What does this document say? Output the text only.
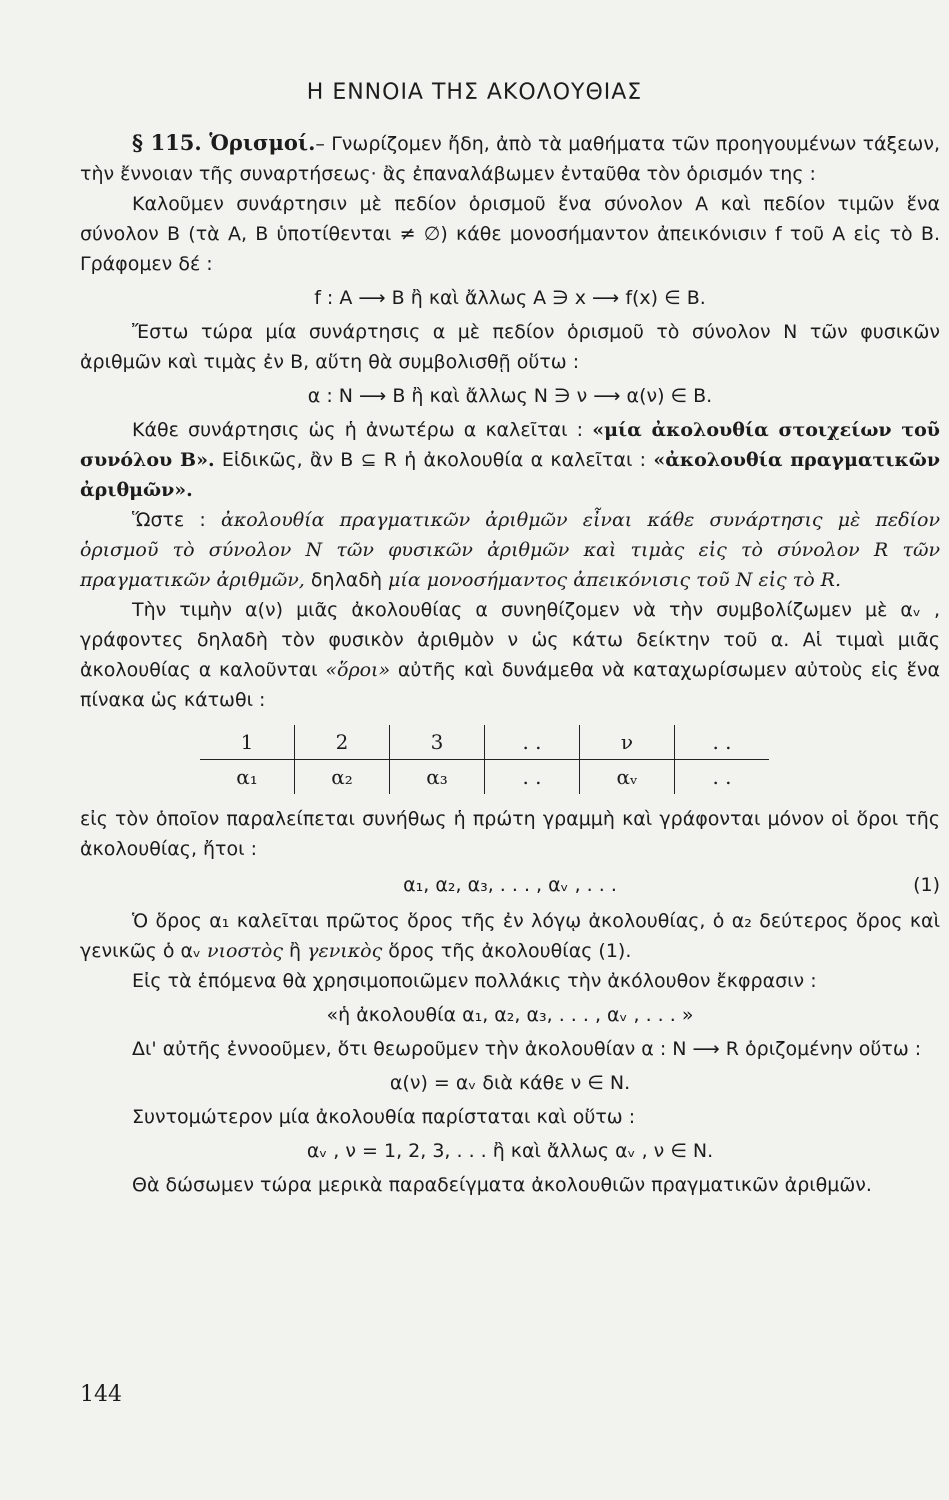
Η ΕΝΝΟΙΑ ΤΗΣ ΑΚΟΛΟΥΘΙΑΣ

§ 115. Ὁρισμοί.– Γνωρίζομεν ἤδη, ἀπὸ τὰ μαθήματα τῶν προηγουμένων τάξεων, τὴν ἔννοιαν τῆς συναρτήσεως· ἂς ἐπαναλάβωμεν ἐνταῦθα τὸν ὁρισμόν της :

Καλοῦμεν συνάρτησιν μὲ πεδίον ὁρισμοῦ ἕνα σύνολον Α καὶ πεδίον τιμῶν ἕνα σύνολον Β (τὰ Α, Β ὑποτίθενται ≠ ∅) κάθε μονοσήμαντον ἀπεικόνισιν f τοῦ Α εἰς τὸ Β. Γράφομεν δέ :

f : A ⟶ B ἢ καὶ ἄλλως A ∋ x ⟶ f(x) ∈ B.

Ἔστω τώρα μία συνάρτησις α μὲ πεδίον ὁρισμοῦ τὸ σύνολον N τῶν φυσικῶν ἀριθμῶν καὶ τιμὰς ἐν Β, αὕτη θὰ συμβολισθῇ οὕτω :

α : N ⟶ B ἢ καὶ ἄλλως N ∋ ν ⟶ α(ν) ∈ B.

Κάθε συνάρτησις ὡς ἡ ἀνωτέρω α καλεῖται : «μία ἀκολουθία στοιχείων τοῦ συνόλου B». Εἰδικῶς, ἂν B ⊆ R ἡ ἀκολουθία α καλεῖται : «ἀκολουθία πραγματικῶν ἀριθμῶν».

Ὥστε : ἀκολουθία πραγματικῶν ἀριθμῶν εἶναι κάθε συνάρτησις μὲ πεδίον ὁρισμοῦ τὸ σύνολον N τῶν φυσικῶν ἀριθμῶν καὶ τιμὰς εἰς τὸ σύνολον R τῶν πραγματικῶν ἀριθμῶν, δηλαδὴ μία μονοσήμαντος ἀπεικόνισις τοῦ N εἰς τὸ R.

Τὴν τιμὴν α(ν) μιᾶς ἀκολουθίας α συνηθίζομεν νὰ τὴν συμβολίζωμεν μὲ αᵥ , γράφοντες δηλαδὴ τὸν φυσικὸν ἀριθμὸν ν ὡς κάτω δείκτην τοῦ α. Αἱ τιμαὶ μιᾶς ἀκολουθίας α καλοῦνται «ὅροι» αὐτῆς καὶ δυνάμεθα νὰ καταχωρίσωμεν αὐτοὺς εἰς ἕνα πίνακα ὡς κάτωθι :

1	2	3	. .	ν	. .
α₁	α₂	α₃	. .	αᵥ	. .

εἰς τὸν ὁποῖον παραλείπεται συνήθως ἡ πρώτη γραμμὴ καὶ γράφονται μόνον οἱ ὅροι τῆς ἀκολουθίας, ἤτοι :

α₁, α₂, α₃, . . . , αᵥ , . . .	(1)

Ὁ ὅρος α₁ καλεῖται πρῶτος ὅρος τῆς ἐν λόγῳ ἀκολουθίας, ὁ α₂ δεύτερος ὅρος καὶ γενικῶς ὁ αᵥ νιοστὸς ἢ γενικὸς ὅρος τῆς ἀκολουθίας (1).

Εἰς τὰ ἑπόμενα θὰ χρησιμοποιῶμεν πολλάκις τὴν ἀκόλουθον ἔκφρασιν :

«ἡ ἀκολουθία α₁, α₂, α₃, . . . , αᵥ , . . . »

Δι' αὐτῆς ἐννοοῦμεν, ὅτι θεωροῦμεν τὴν ἀκολουθίαν α : N ⟶ R ὁριζομένην οὕτω :

α(ν) = αᵥ διὰ κάθε ν ∈ N.

Συντομώτερον μία ἀκολουθία παρίσταται καὶ οὕτω :

αᵥ , ν = 1, 2, 3, . . . ἢ καὶ ἄλλως αᵥ , ν ∈ N.

Θὰ δώσωμεν τώρα μερικὰ παραδείγματα ἀκολουθιῶν πραγματικῶν ἀριθμῶν.

144
